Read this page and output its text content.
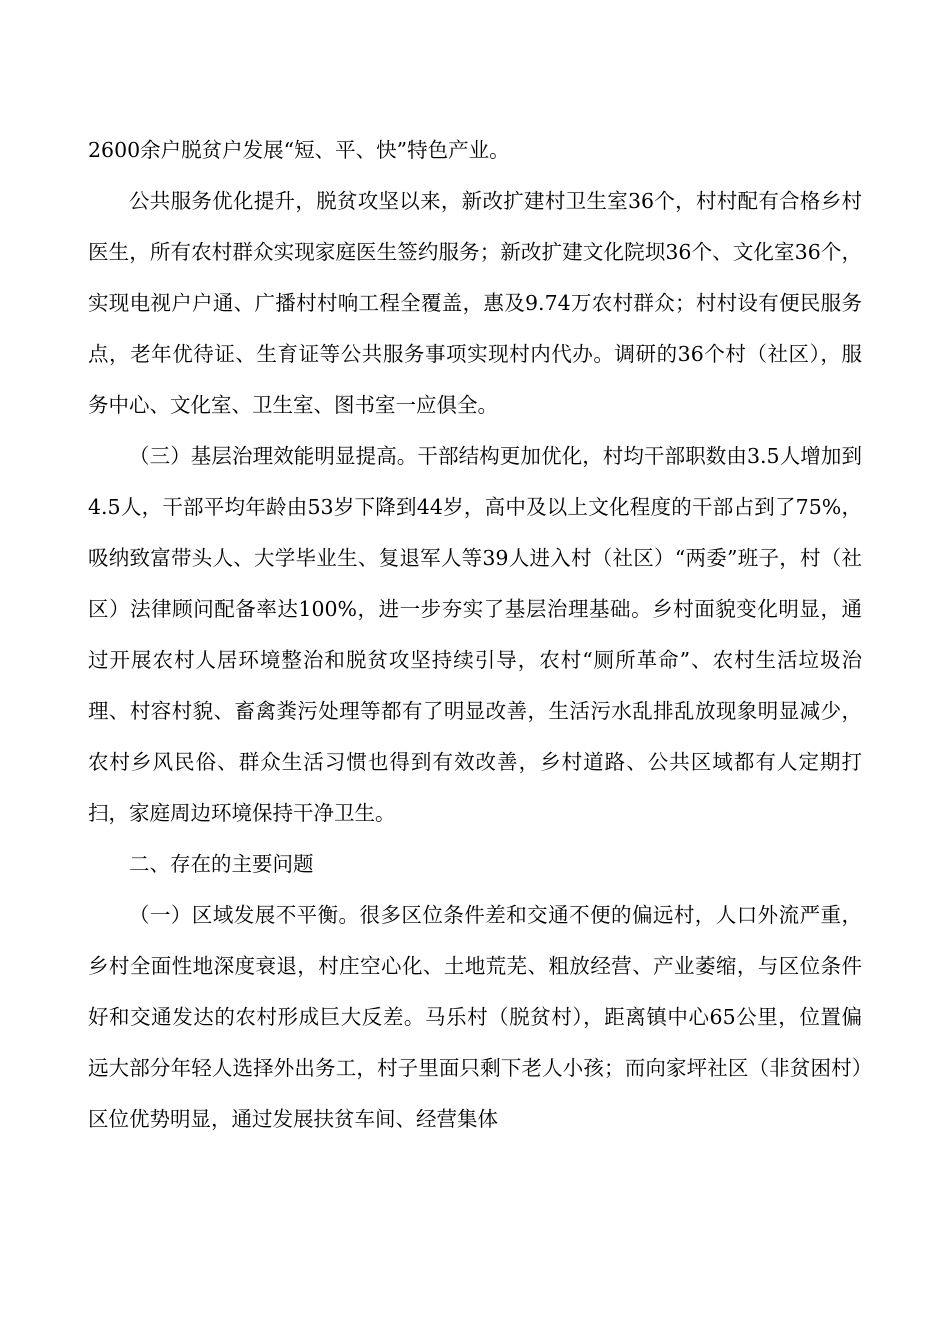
2600余户脱贫户发展“短、平、快”特色产业。

公共服务优化提升，脱贫攻坚以来，新改扩建村卫生室36个，村村配有合格乡村医生，所有农村群众实现家庭医生签约服务；新改扩建文化院坝36个、文化室36个，实现电视户户通、广播村村响工程全覆盖，惠及9.74万农村群众；村村设有便民服务点，老年优待证、生育证等公共服务事项实现村内代办。调研的36个村（社区），服务中心、文化室、卫生室、图书室一应俱全。

（三）基层治理效能明显提高。干部结构更加优化，村均干部职数由3.5人增加到4.5人，干部平均年龄由53岁下降到44岁，高中及以上文化程度的干部占到了75%，吸纳致富带头人、大学毕业生、复退军人等39人进入村（社区）“两委”班子，村（社区）法律顾问配备率达100%，进一步夯实了基层治理基础。乡村面貌变化明显，通过开展农村人居环境整治和脱贫攻坚持续引导，农村“厕所革命”、农村生活垃圾治理、村容村貌、畜禽粪污处理等都有了明显改善，生活污水乱排乱放现象明显减少，农村乡风民俗、群众生活习惯也得到有效改善，乡村道路、公共区域都有人定期打扫，家庭周边环境保持干净卫生。

二、存在的主要问题

（一）区域发展不平衡。很多区位条件差和交通不便的偏远村，人口外流严重，乡村全面性地深度衰退，村庄空心化、土地荒芜、粗放经营、产业萎缩，与区位条件好和交通发达的农村形成巨大反差。马乐村（脱贫村），距离镇中心65公里，位置偏远大部分年轻人选择外出务工，村子里面只剩下老人小孩；而向家坪社区（非贫困村）区位优势明显，通过发展扶贫车间、经营集体
